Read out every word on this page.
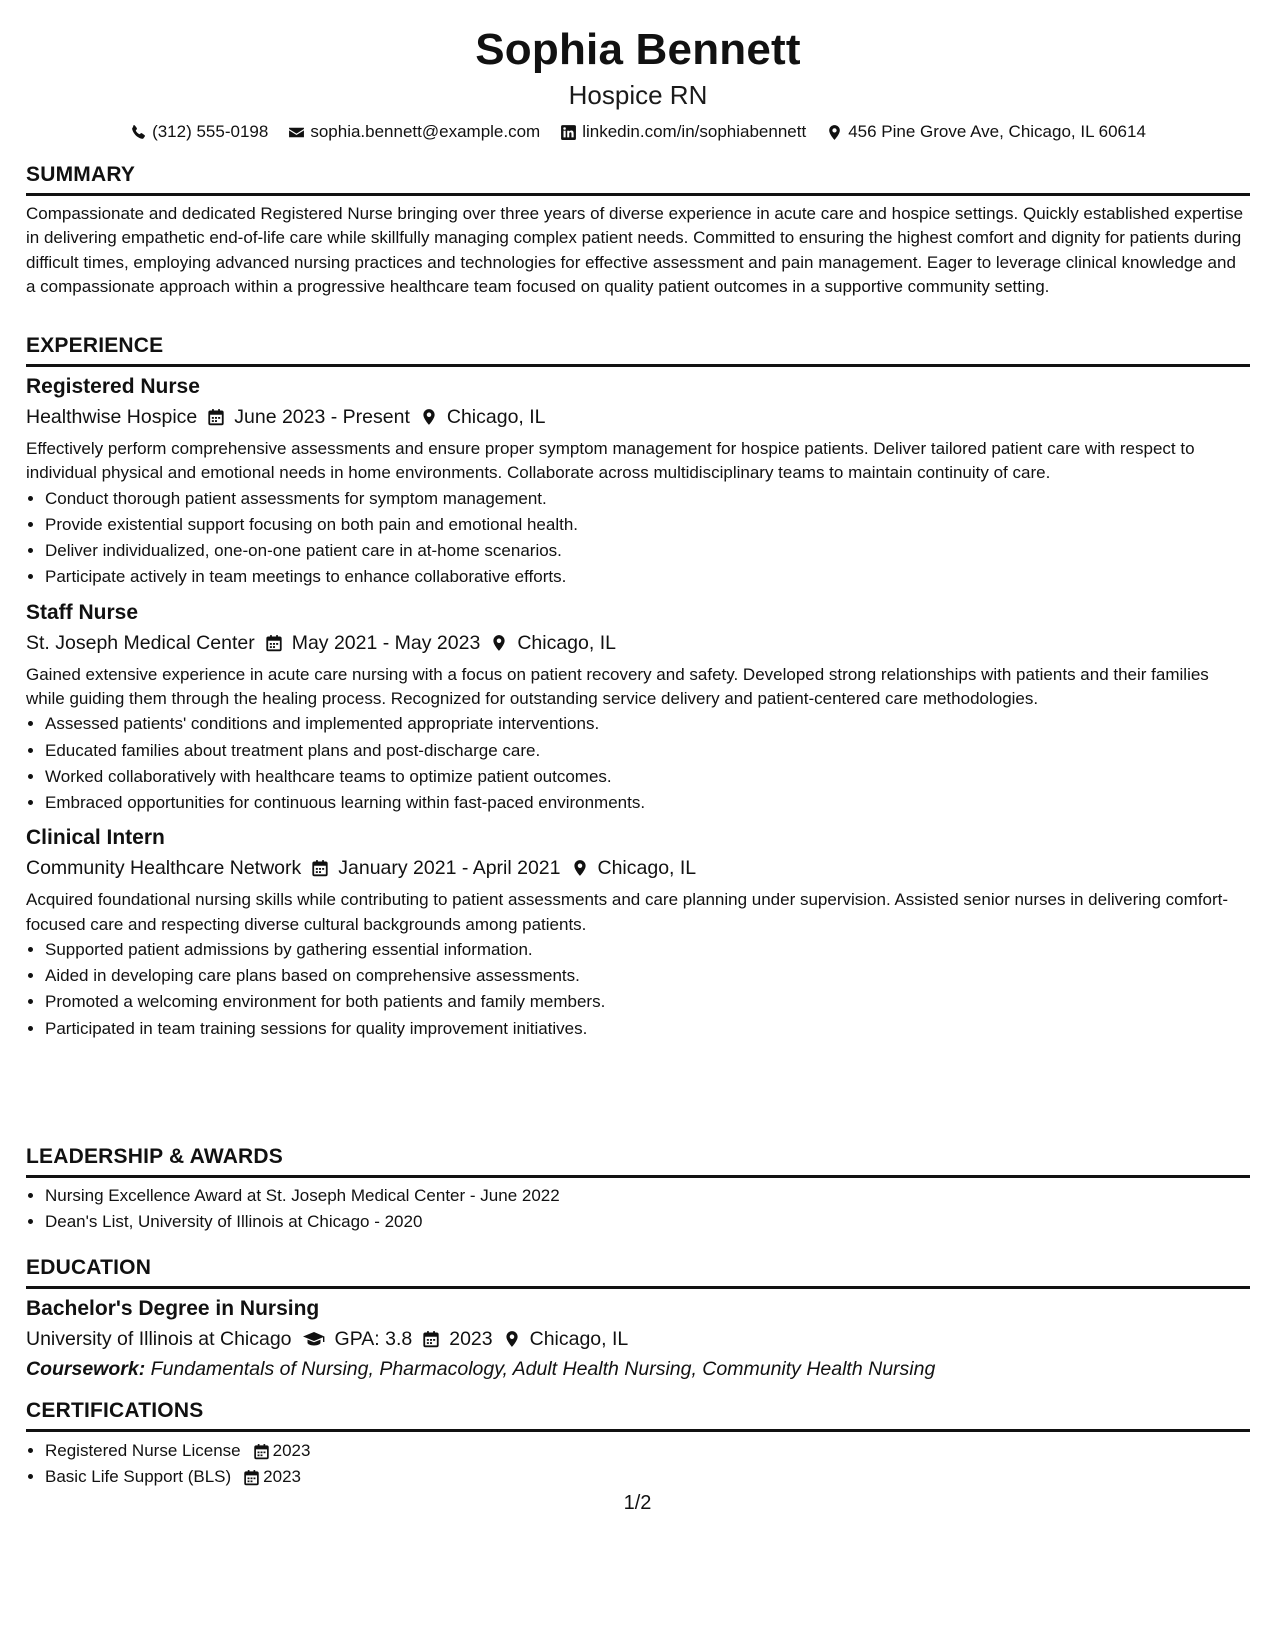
Sophia Bennett
Hospice RN
(312) 555-0198 sophia.bennett@example.com linkedin.com/in/sophiabennett 456 Pine Grove Ave, Chicago, IL 60614
SUMMARY

Compassionate and dedicated Registered Nurse bringing over three years of diverse experience in acute care and hospice settings. Quickly established expertise in delivering empathetic end-of-life care while skillfully managing complex patient needs. Committed to ensuring the highest comfort and dignity for patients during difficult times, employing advanced nursing practices and technologies for effective assessment and pain management. Eager to leverage clinical knowledge and a compassionate approach within a progressive healthcare team focused on quality patient outcomes in a supportive community setting.

EXPERIENCE
Registered Nurse
Healthwise Hospice June 2023 - Present Chicago, IL

Effectively perform comprehensive assessments and ensure proper symptom management for hospice patients. Deliver tailored patient care with respect to individual physical and emotional needs in home environments. Collaborate across multidisciplinary teams to maintain continuity of care.

• Conduct thorough patient assessments for symptom management.
• Provide existential support focusing on both pain and emotional health.
• Deliver individualized, one-on-one patient care in at-home scenarios.
• Participate actively in team meetings to enhance collaborative efforts.
Staff Nurse
St. Joseph Medical Center May 2021 - May 2023 Chicago, IL

Gained extensive experience in acute care nursing with a focus on patient recovery and safety. Developed strong relationships with patients and their families while guiding them through the healing process. Recognized for outstanding service delivery and patient-centered care methodologies.

• Assessed patients' conditions and implemented appropriate interventions.
• Educated families about treatment plans and post-discharge care.
• Worked collaboratively with healthcare teams to optimize patient outcomes.
• Embraced opportunities for continuous learning within fast-paced environments.
Clinical Intern
Community Healthcare Network January 2021 - April 2021 Chicago, IL

Acquired foundational nursing skills while contributing to patient assessments and care planning under supervision. Assisted senior nurses in delivering comfort-focused care and respecting diverse cultural backgrounds among patients.

• Supported patient admissions by gathering essential information.
• Aided in developing care plans based on comprehensive assessments.
• Promoted a welcoming environment for both patients and family members.
• Participated in team training sessions for quality improvement initiatives.
LEADERSHIP & AWARDS
• Nursing Excellence Award at St. Joseph Medical Center - June 2022
• Dean's List, University of Illinois at Chicago - 2020
EDUCATION
Bachelor's Degree in Nursing
University of Illinois at Chicago GPA: 3.8 2023 Chicago, IL
Coursework: Fundamentals of Nursing, Pharmacology, Adult Health Nursing, Community Health Nursing
CERTIFICATIONS
• Registered Nurse License 2023
• Basic Life Support (BLS) 2023
1/2
